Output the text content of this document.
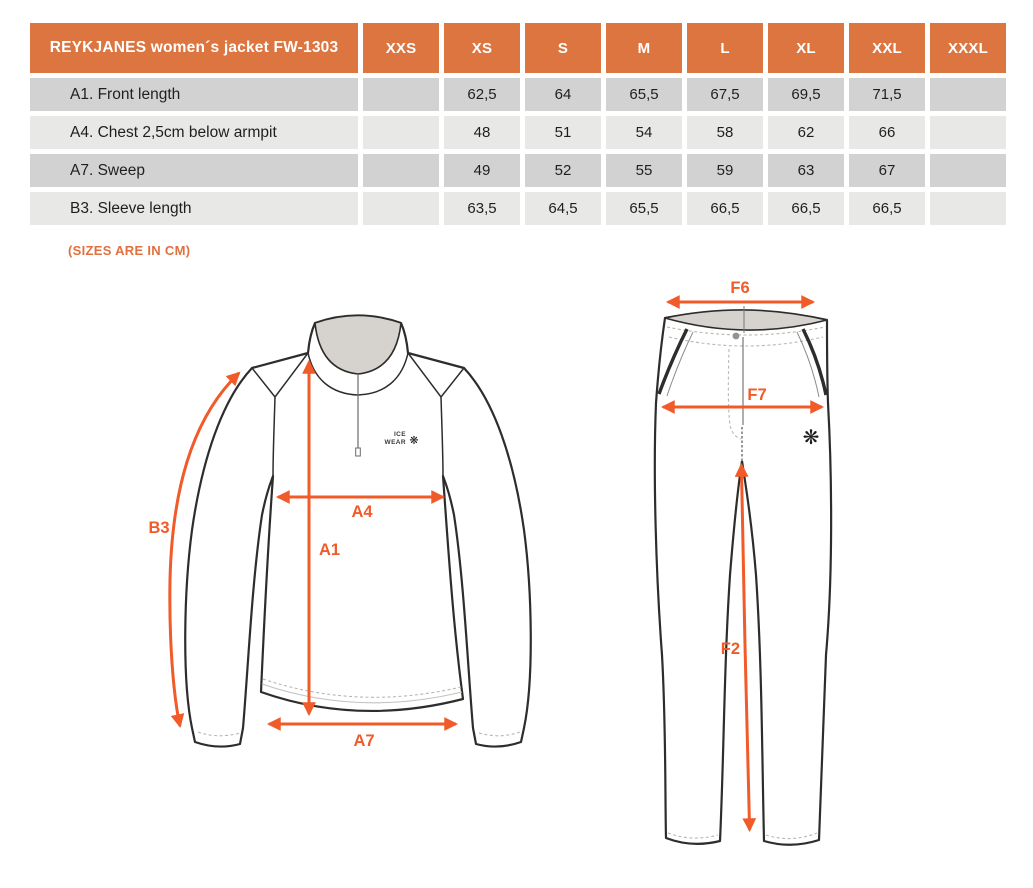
REYKJANES women´s jacket FW-1303	XXS	XS	S	M	L	XL	XXL	XXXL
A1. Front length		62,5	64	65,5	67,5	69,5	71,5	
A4. Chest 2,5cm below armpit		48	51	54	58	62	66	
A7. Sweep		49	52	55	59	63	67	
B3. Sleeve length		63,5	64,5	65,5	66,5	66,5	66,5	
(SIZES ARE IN CM)
ICE
WEAR ❋
B3
A1
A4
A7
❋
F6
F7
F2
